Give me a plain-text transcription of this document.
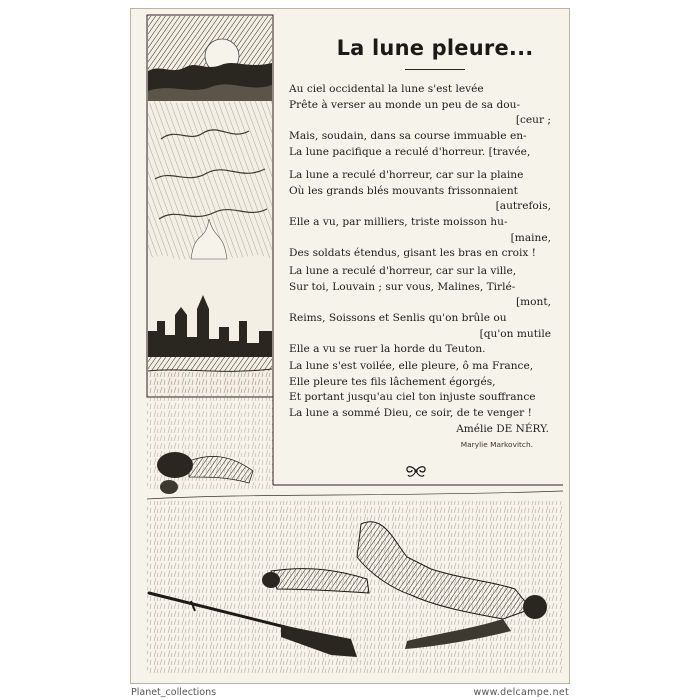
La lune pleure...
Au ciel occidental la lune s'est levée
Prête à verser au monde un peu de sa dou-
[ceur ;
Mais, soudain, dans sa course immuable en-
La lune pacifique a reculé d'horreur. [travée,
La lune a reculé d'horreur, car sur la plaine
Où les grands blés mouvants frissonnaient
[autrefois,
Elle a vu, par milliers, triste moisson hu-
[maine,
Des soldats étendus, gisant les bras en croix !
La lune a reculé d'horreur, car sur la ville,
Sur toi, Louvain ; sur vous, Malines, Tirlé-
[mont,
Reims, Soissons et Senlis qu'on brûle ou
[qu'on mutile
Elle a vu se ruer la horde du Teuton.
La lune s'est voilée, elle pleure, ô ma France,
Elle pleure tes fils lâchement égorgés,
Et portant jusqu'au ciel ton injuste souffrance
La lune a sommé Dieu, ce soir, de te venger !
Amélie DE NÉRY.
Marylie Markovitch.
Planet_collections	www.delcampe.net
